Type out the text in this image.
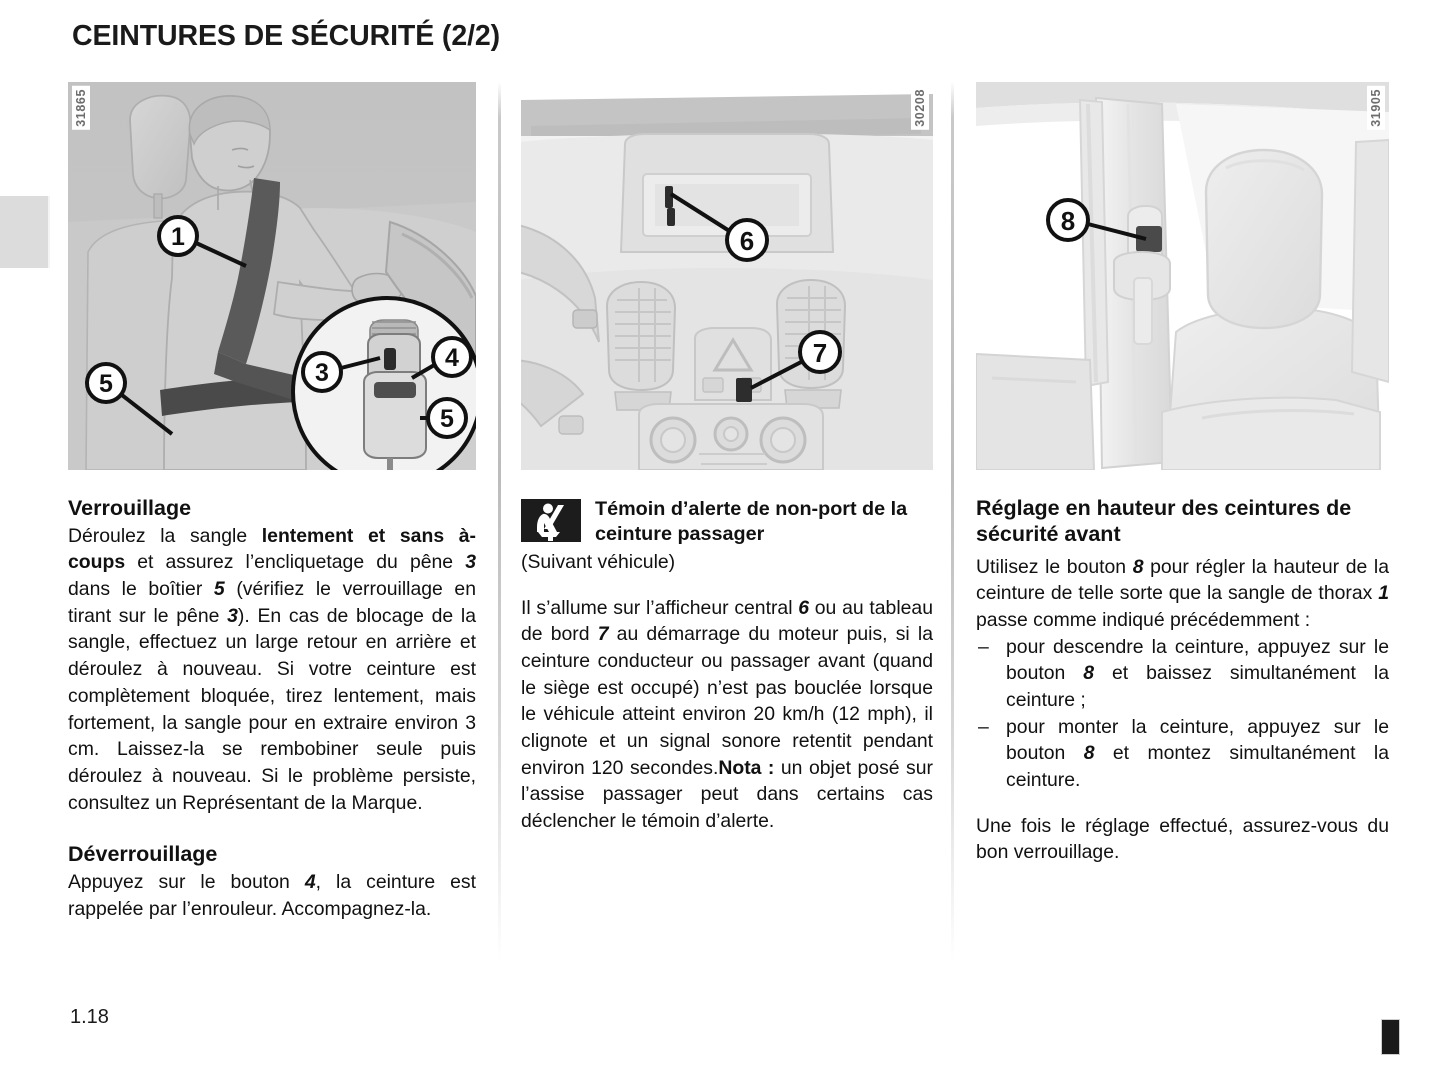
CEINTURES DE SÉCURITÉ (2/2)
31865
1
5	3
4
5
Verrouillage

Déroulez la sangle lentement et sans à-coups et assurez l’encliquetage du pêne 3 dans le boîtier 5 (vérifiez le verrouillage en tirant sur le pêne 3). En cas de blocage de la sangle, effectuez un large retour en arrière et déroulez à nouveau. Si votre ceinture est complètement bloquée, tirez lentement, mais fortement, la sangle pour en extraire environ 3 cm. Laissez-la se rembobiner seule puis déroulez à nouveau. Si le problème persiste, consultez un Représentant de la Marque.

Déverrouillage

Appuyez sur le bouton 4, la ceinture est rappelée par l’enrouleur. Accompagnez-la.

30208
6
7
Témoin d’alerte de non-port de la ceinture passager

(Suivant véhicule)

Il s’allume sur l’afficheur central 6 ou au tableau de bord 7 au démarrage du moteur puis, si la ceinture conducteur ou passager avant (quand le siège est occupé) n’est pas bouclée lorsque le véhicule atteint environ 20 km/h (12 mph), il clignote et un signal sonore retentit pendant environ 120 secondes.Nota : un objet posé sur l’assise passager peut dans certains cas déclencher le témoin d’alerte.

31905
8
Réglage en hauteur des ceintures de sécurité avant

Utilisez le bouton 8 pour régler la hauteur de la ceinture de telle sorte que la sangle de thorax 1 passe comme indiqué précédemment :

– pour descendre la ceinture, appuyez sur le bouton 8 et baissez simultanément la ceinture ;
– pour monter la ceinture, appuyez sur le bouton 8 et montez simultanément la ceinture.

Une fois le réglage effectué, assurez-vous du bon verrouillage.

1.18
